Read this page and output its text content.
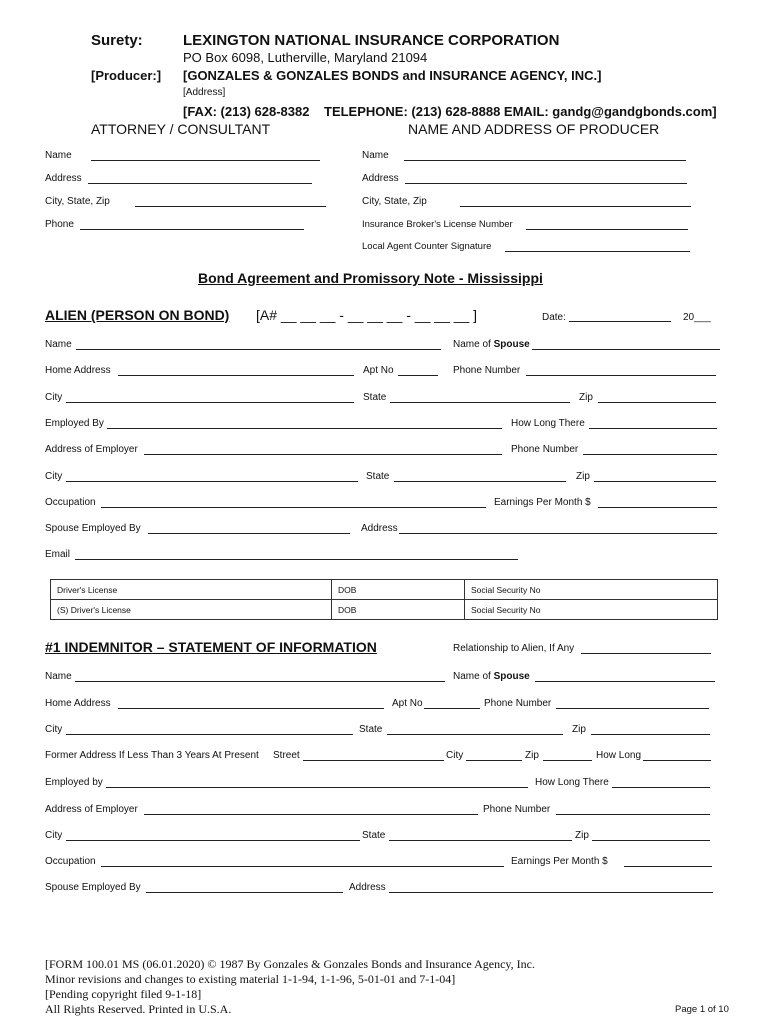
Surety:	LEXINGTON NATIONAL INSURANCE CORPORATION
PO Box 6098, Lutherville, Maryland 21094
[Producer:] [GONZALES & GONZALES BONDS and INSURANCE AGENCY, INC.]
[Address]
[FAX: (213) 628-8382 TELEPHONE: (213) 628-8888 EMAIL: gandg@gandgbonds.com]
ATTORNEY / CONSULTANT	NAME AND ADDRESS OF PRODUCER
Name
Address
City, State, Zip
Phone
Name
Address
City, State, Zip
Insurance Broker's License Number
Local Agent Counter Signature
Bond Agreement and Promissory Note - Mississippi
ALIEN (PERSON ON BOND) [A# __ __ __ - __ __ __ - __ __ __ ]	Date:	20___
Name	Name of Spouse
Home Address	Apt No	Phone Number
City	State	Zip
Employed By	How Long There
Address of Employer	Phone Number
City	State	Zip
Occupation	Earnings Per Month $
Spouse Employed By	Address
Email
Driver's License	DOB	Social Security No
(S) Driver's License	DOB	Social Security No
#1 INDEMNITOR – STATEMENT OF INFORMATION	Relationship to Alien, If Any
Name	Name of Spouse
Home Address	Apt No	Phone Number
City	State	Zip
Former Address If Less Than 3 Years At Present Street	City	Zip	How Long
Employed by	How Long There
Address of Employer	Phone Number
City	State	Zip
Occupation	Earnings Per Month $
Spouse Employed By	Address
[FORM 100.01 MS (06.01.2020) © 1987 By Gonzales & Gonzales Bonds and Insurance Agency, Inc.
Minor revisions and changes to existing material 1-1-94, 1-1-96, 5-01-01 and 7-1-04]
[Pending copyright filed 9-1-18]
All Rights Reserved. Printed in U.S.A.	Page 1 of 10
